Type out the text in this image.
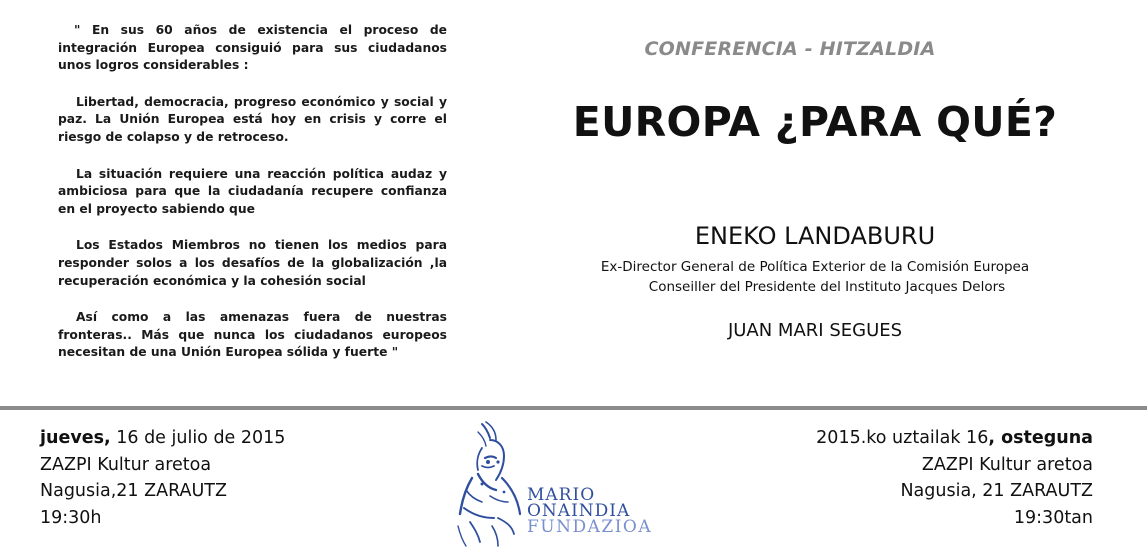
" En sus 60 años de existencia el proceso de integración Europea consiguió para sus ciudadanos unos logros considerables :

Libertad, democracia, progreso económico y social y paz. La Unión Europea está hoy en crisis y corre el riesgo de colapso y de retroceso.

La situación requiere una reacción política audaz y ambiciosa para que la ciudadanía recupere confianza en el proyecto sabiendo que

Los Estados Miembros no tienen los medios para responder solos a los desafíos de la globalización ,la recuperación económica y la cohesión social

Así como a las amenazas fuera de nuestras fronteras.. Más que nunca los ciudadanos europeos necesitan de una Unión Europea sólida y fuerte "

CONFERENCIA - HITZALDIA
EUROPA ¿PARA QUÉ?
ENEKO LANDABURU
Ex-Director General de Política Exterior de la Comisión Europea
Conseiller del Presidente del Instituto Jacques Delors
JUAN MARI SEGUES
jueves, 16 de julio de 2015
ZAZPI Kultur aretoa
Nagusia,21 ZARAUTZ
19:30h
MARIO
ONAINDIA
FUNDAZIOA
2015.ko uztailak 16, osteguna
ZAZPI Kultur aretoa
Nagusia, 21 ZARAUTZ
19:30tan
